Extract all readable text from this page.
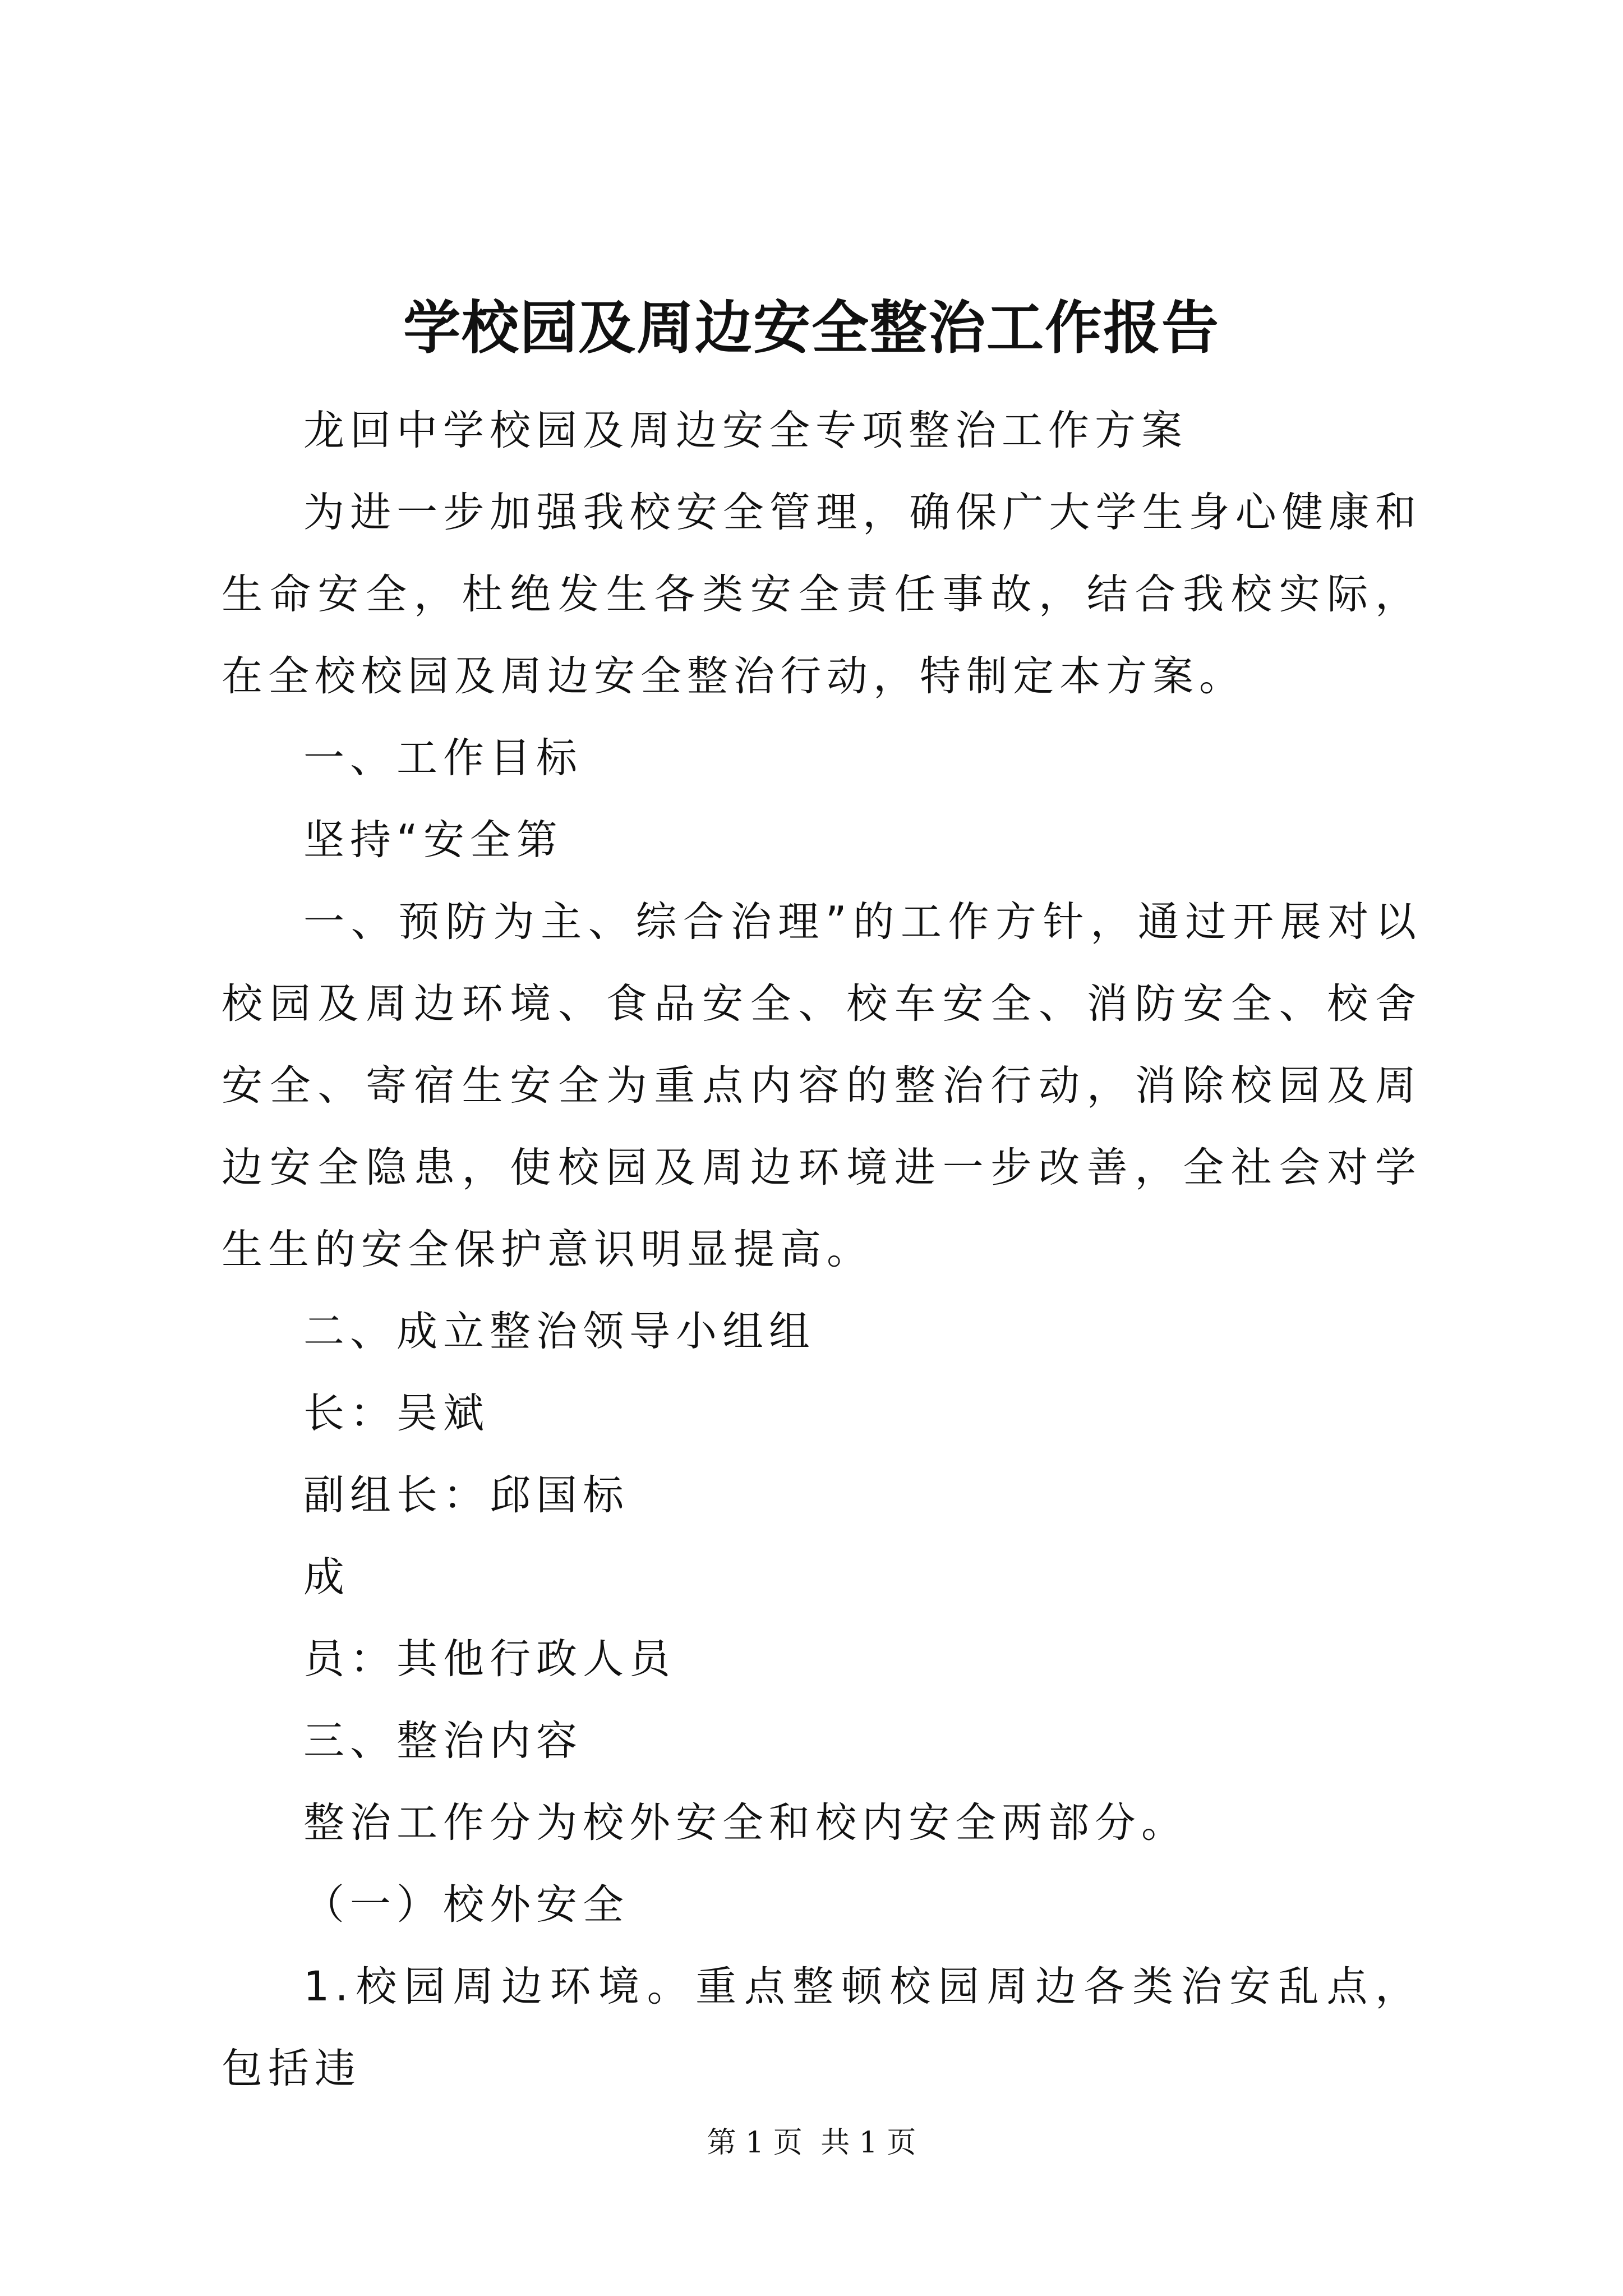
学校园及周边安全整治工作报告

龙回中学校园及周边安全专项整治工作方案

为进一步加强我校安全管理，确保广大学生身心健康和生命安全，杜绝发生各类安全责任事故，结合我校实际，在全校校园及周边安全整治行动，特制定本方案。

一、工作目标

坚持“安全第

一、预防为主、综合治理”的工作方针，通过开展对以校园及周边环境、食品安全、校车安全、消防安全、校舍安全、寄宿生安全为重点内容的整治行动，消除校园及周边安全隐患，使校园及周边环境进一步改善，全社会对学生生的安全保护意识明显提高。

二、成立整治领导小组组

长：吴斌

副组长：邱国标

成

员：其他行政人员

三、整治内容

整治工作分为校外安全和校内安全两部分。

（一）校外安全

1.校园周边环境。重点整顿校园周边各类治安乱点，包括违

第 1 页 共 1 页
